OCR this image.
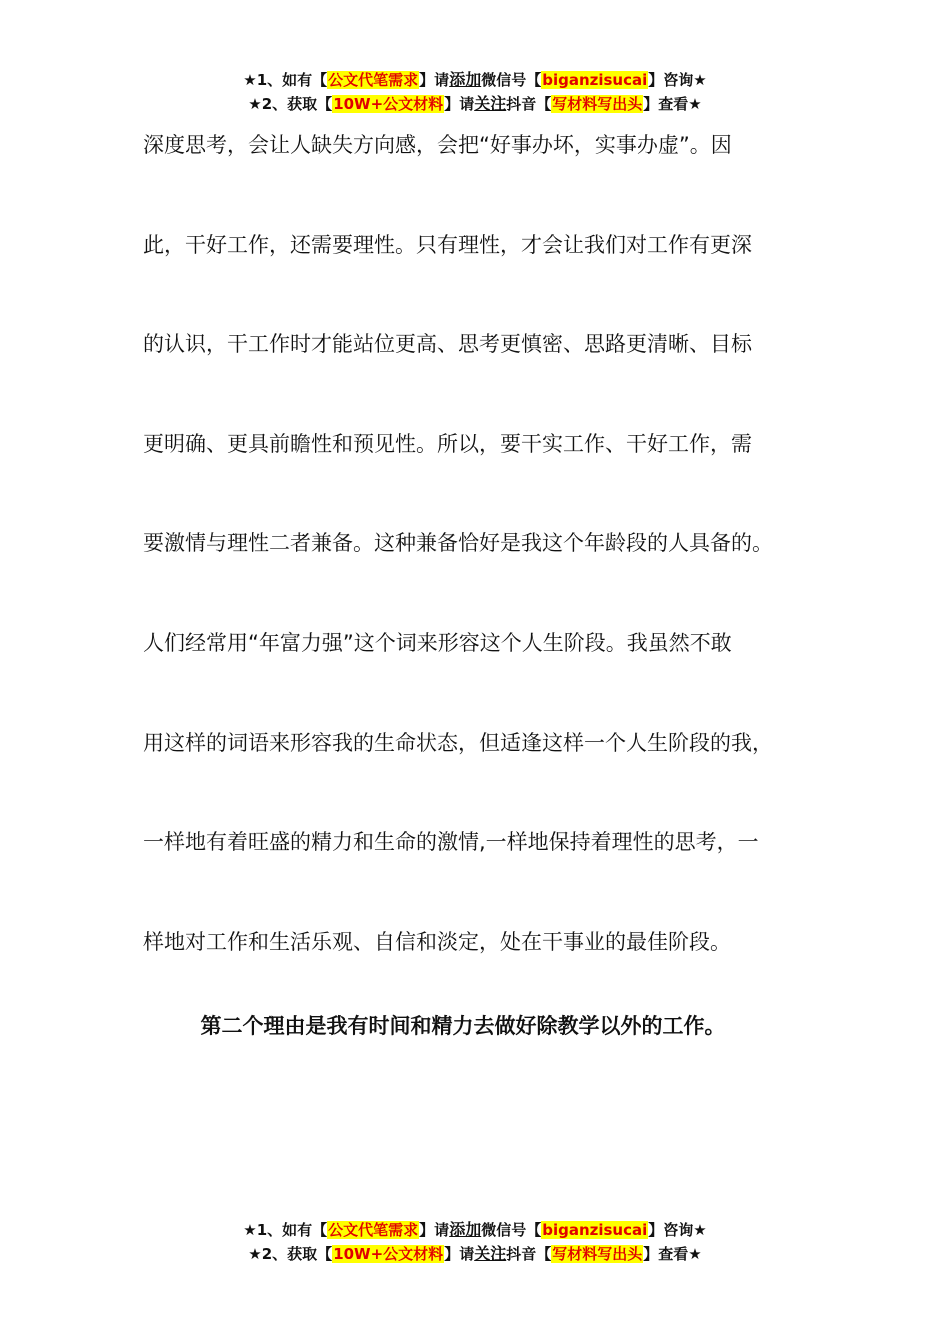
★1、如有【公文代笔需求】请添加微信号【biganzisucai】咨询★
★2、获取【10W+公文材料】请关注抖音【写材料写出头】查看★
深度思考，会让人缺失方向感，会把“好事办坏，实事办虚”。因
此，干好工作，还需要理性。只有理性，才会让我们对工作有更深
的认识，干工作时才能站位更高、思考更慎密、思路更清晰、目标
更明确、更具前瞻性和预见性。所以，要干实工作、干好工作，需
要激情与理性二者兼备。这种兼备恰好是我这个年龄段的人具备的。
人们经常用“年富力强”这个词来形容这个人生阶段。我虽然不敢
用这样的词语来形容我的生命状态，但适逢这样一个人生阶段的我，
一样地有着旺盛的精力和生命的激情,一样地保持着理性的思考，一
样地对工作和生活乐观、自信和淡定，处在干事业的最佳阶段。
第二个理由是我有时间和精力去做好除教学以外的工作。
★1、如有【公文代笔需求】请添加微信号【biganzisucai】咨询★
★2、获取【10W+公文材料】请关注抖音【写材料写出头】查看★
